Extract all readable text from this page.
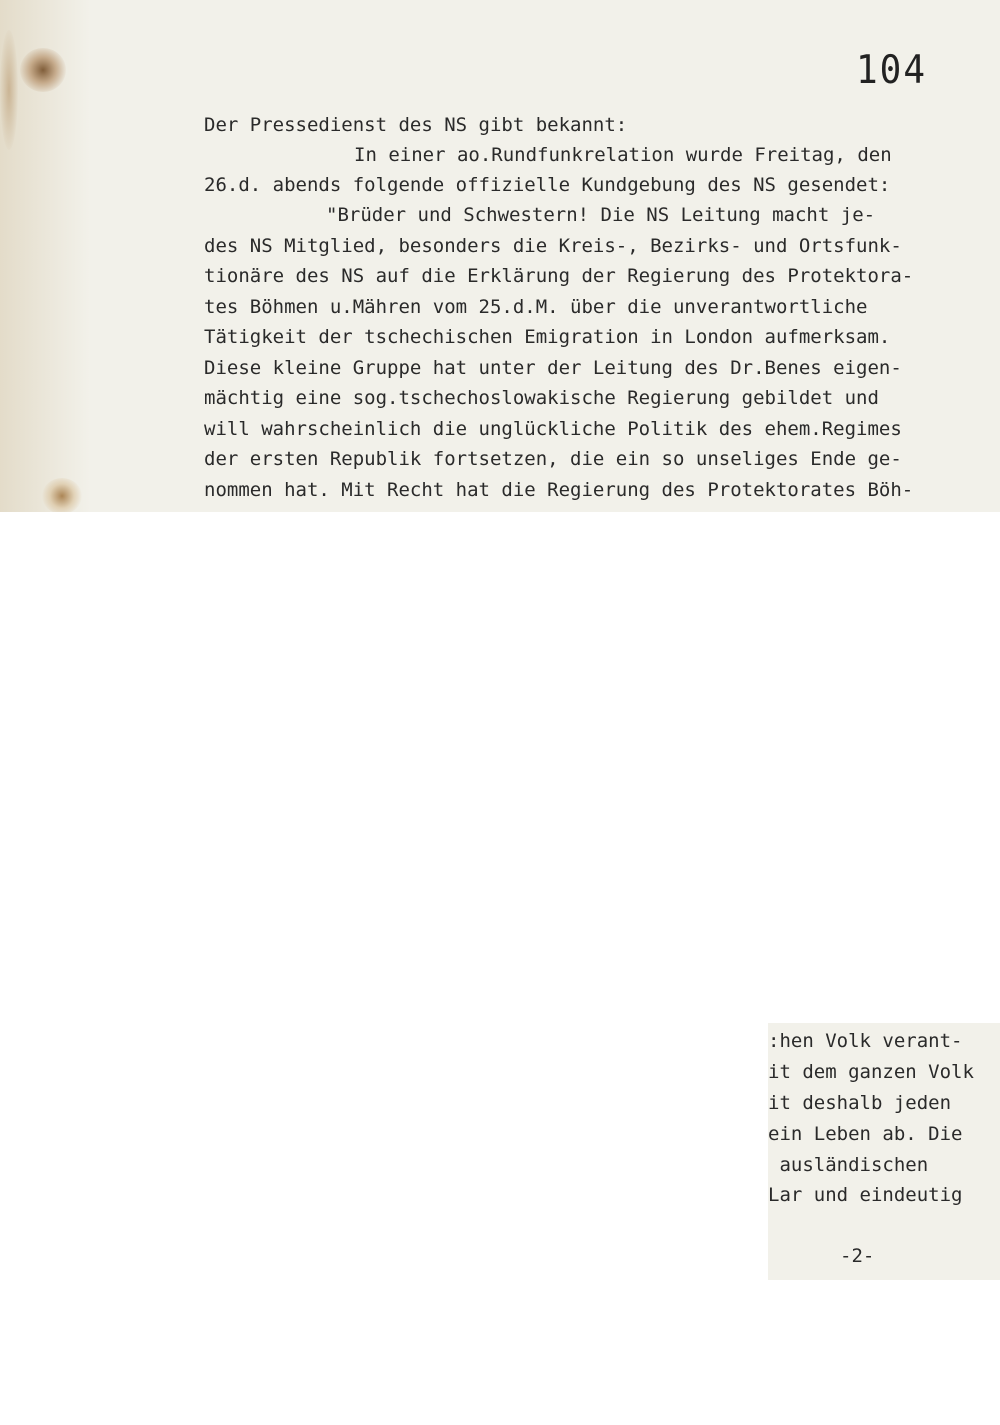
104
Der Pressedienst des NS gibt bekannt:
In einer ao.Rundfunkrelation wurde Freitag, den
26.d. abends folgende offizielle Kundgebung des NS gesendet:
"Brüder und Schwestern! Die NS Leitung macht je-
des NS Mitglied, besonders die Kreis-, Bezirks- und Ortsfunk-
tionäre des NS auf die Erklärung der Regierung des Protektora-
tes Böhmen u.Mähren vom 25.d.M. über die unverantwortliche
Tätigkeit der tschechischen Emigration in London aufmerksam.
Diese kleine Gruppe hat unter der Leitung des Dr.Benes eigen-
mächtig eine sog.tschechoslowakische Regierung gebildet und
will wahrscheinlich die unglückliche Politik des ehem.Regimes
der ersten Republik fortsetzen, die ein so unseliges Ende ge-
nommen hat. Mit Recht hat die Regierung des Protektorates Böh-
:hen Volk verant-
it dem ganzen Volk
it deshalb jeden
ein Leben ab. Die
ausländischen
Lar und eindeutig
-2-
